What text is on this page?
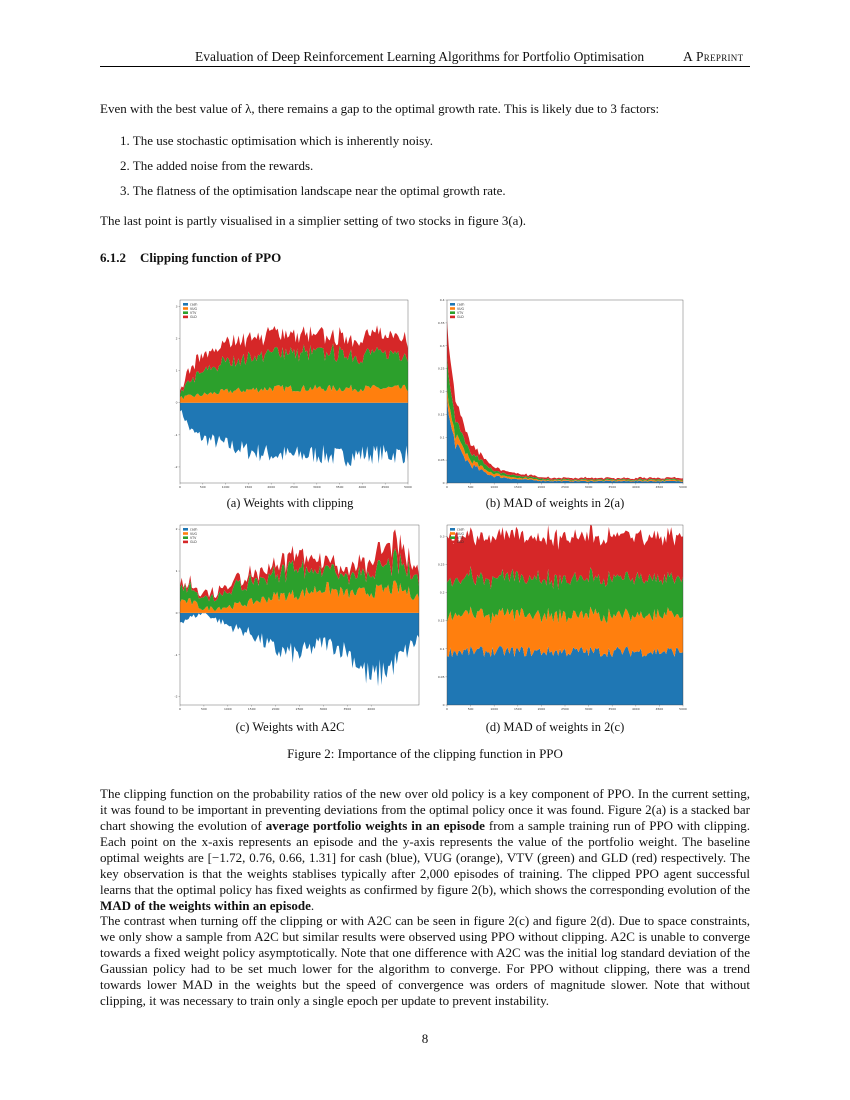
Evaluation of Deep Reinforcement Learning Algorithms for Portfolio Optimisation	A Preprint
Even with the best value of λ, there remains a gap to the optimal growth rate. This is likely due to 3 factors:
1. The use stochastic optimisation which is inherently noisy.
2. The added noise from the rewards.
3. The flatness of the optimisation landscape near the optimal growth rate.
The last point is partly visualised in a simplier setting of two stocks in figure 3(a).
6.1.2 Clipping function of PPO
0	500	1000	1500	2000	2500	3000	3500	4000	4500	5000
-2
-1
0
1
2
3	cash
VUG
VTV
GLD
0	500	1000	1500	2000	2500	3000	3500	4000	4500	5000
0
0.05
0.1
0.15
0.2
0.25
0.3
0.35
0.4
cash
VUG
VTV
GLD
0	500	1000	1500	2000	2500	3000	3500	4000
-2
-1
0
1
2	cash
VUG
VTV
GLD
0	500	1000	1500	2000	2500	3000	3500	4000	4500	5000
0
0.05
0.1
0.15
0.2
0.25
0.3
cash
VUG
VTV
GLD
(a) Weights with clipping	(b) MAD of weights in 2(a)
(c) Weights with A2C	(d) MAD of weights in 2(c)
Figure 2: Importance of the clipping function in PPO
The clipping function on the probability ratios of the new over old policy is a key component of PPO. In the current setting, it was found to be important in preventing deviations from the optimal policy once it was found. Figure 2(a) is a stacked bar chart showing the evolution of average portfolio weights in an episode from a sample training run of PPO with clipping. Each point on the x-axis represents an episode and the y-axis represents the value of the portfolio weight. The baseline optimal weights are [−1.72, 0.76, 0.66, 1.31] for cash (blue), VUG (orange), VTV (green) and GLD (red) respectively. The key observation is that the weights stablises typically after 2,000 episodes of training. The clipped PPO agent successful learns that the optimal policy has fixed weights as confirmed by figure 2(b), which shows the corresponding evolution of the MAD of the weights within an episode.
The contrast when turning off the clipping or with A2C can be seen in figure 2(c) and figure 2(d). Due to space constraints, we only show a sample from A2C but similar results were observed using PPO without clipping. A2C is unable to converge towards a fixed weight policy asymptotically. Note that one difference with A2C was the initial log standard deviation of the Gaussian policy had to be set much lower for the algorithm to converge. For PPO without clipping, there was a trend towards lower MAD in the weights but the speed of convergence was orders of magnitude slower. Note that without clipping, it was necessary to train only a single epoch per update to prevent instability.
8
